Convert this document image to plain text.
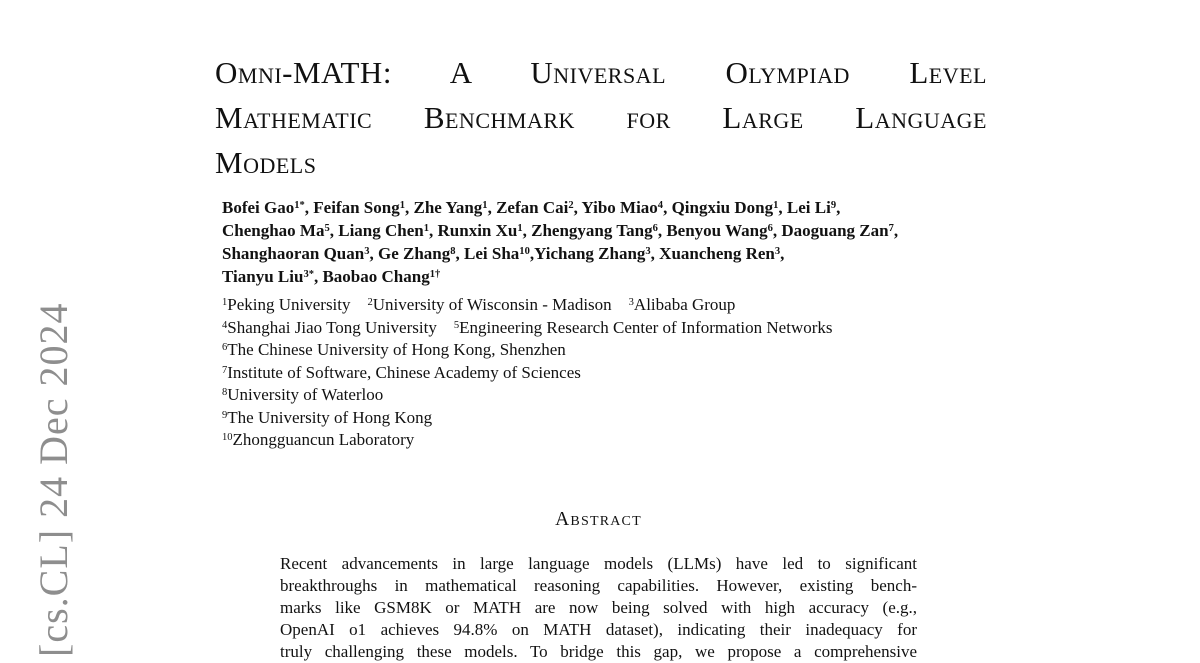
[cs.CL] 24 Dec 2024
Omni-MATH: A Universal Olympiad Level
Mathematic Benchmark for Large Language
Models
Bofei Gao$^{1*}$, Feifan Song$^1$, Zhe Yang$^1$, Zefan Cai$^2$, Yibo Miao$^4$, Qingxiu Dong$^1$, Lei Li$^9$,
Chenghao Ma$^5$, Liang Chen$^1$, Runxin Xu$^1$, Zhengyang Tang$^6$, Benyou Wang$^6$, Daoguang Zan$^7$,
Shanghaoran Quan$^3$, Ge Zhang$^8$, Lei Sha$^{10}$,Yichang Zhang$^3$, Xuancheng Ren$^3$,
Tianyu Liu$^{3*}$, Baobao Chang$^{1\dagger}$
$^1$Peking University $^2$University of Wisconsin - Madison $^3$Alibaba Group
$^4$Shanghai Jiao Tong University $^5$Engineering Research Center of Information Networks
$^6$The Chinese University of Hong Kong, Shenzhen
$^7$Institute of Software, Chinese Academy of Sciences
$^8$University of Waterloo
$^9$The University of Hong Kong
$^{10}$Zhongguancun Laboratory
Abstract
Recent advancements in large language models (LLMs) have led to significant
breakthroughs in mathematical reasoning capabilities. However, existing bench-
marks like GSM8K or MATH are now being solved with high accuracy (e.g.,
OpenAI o1 achieves 94.8% on MATH dataset), indicating their inadequacy for
truly challenging these models. To bridge this gap, we propose a comprehensive
